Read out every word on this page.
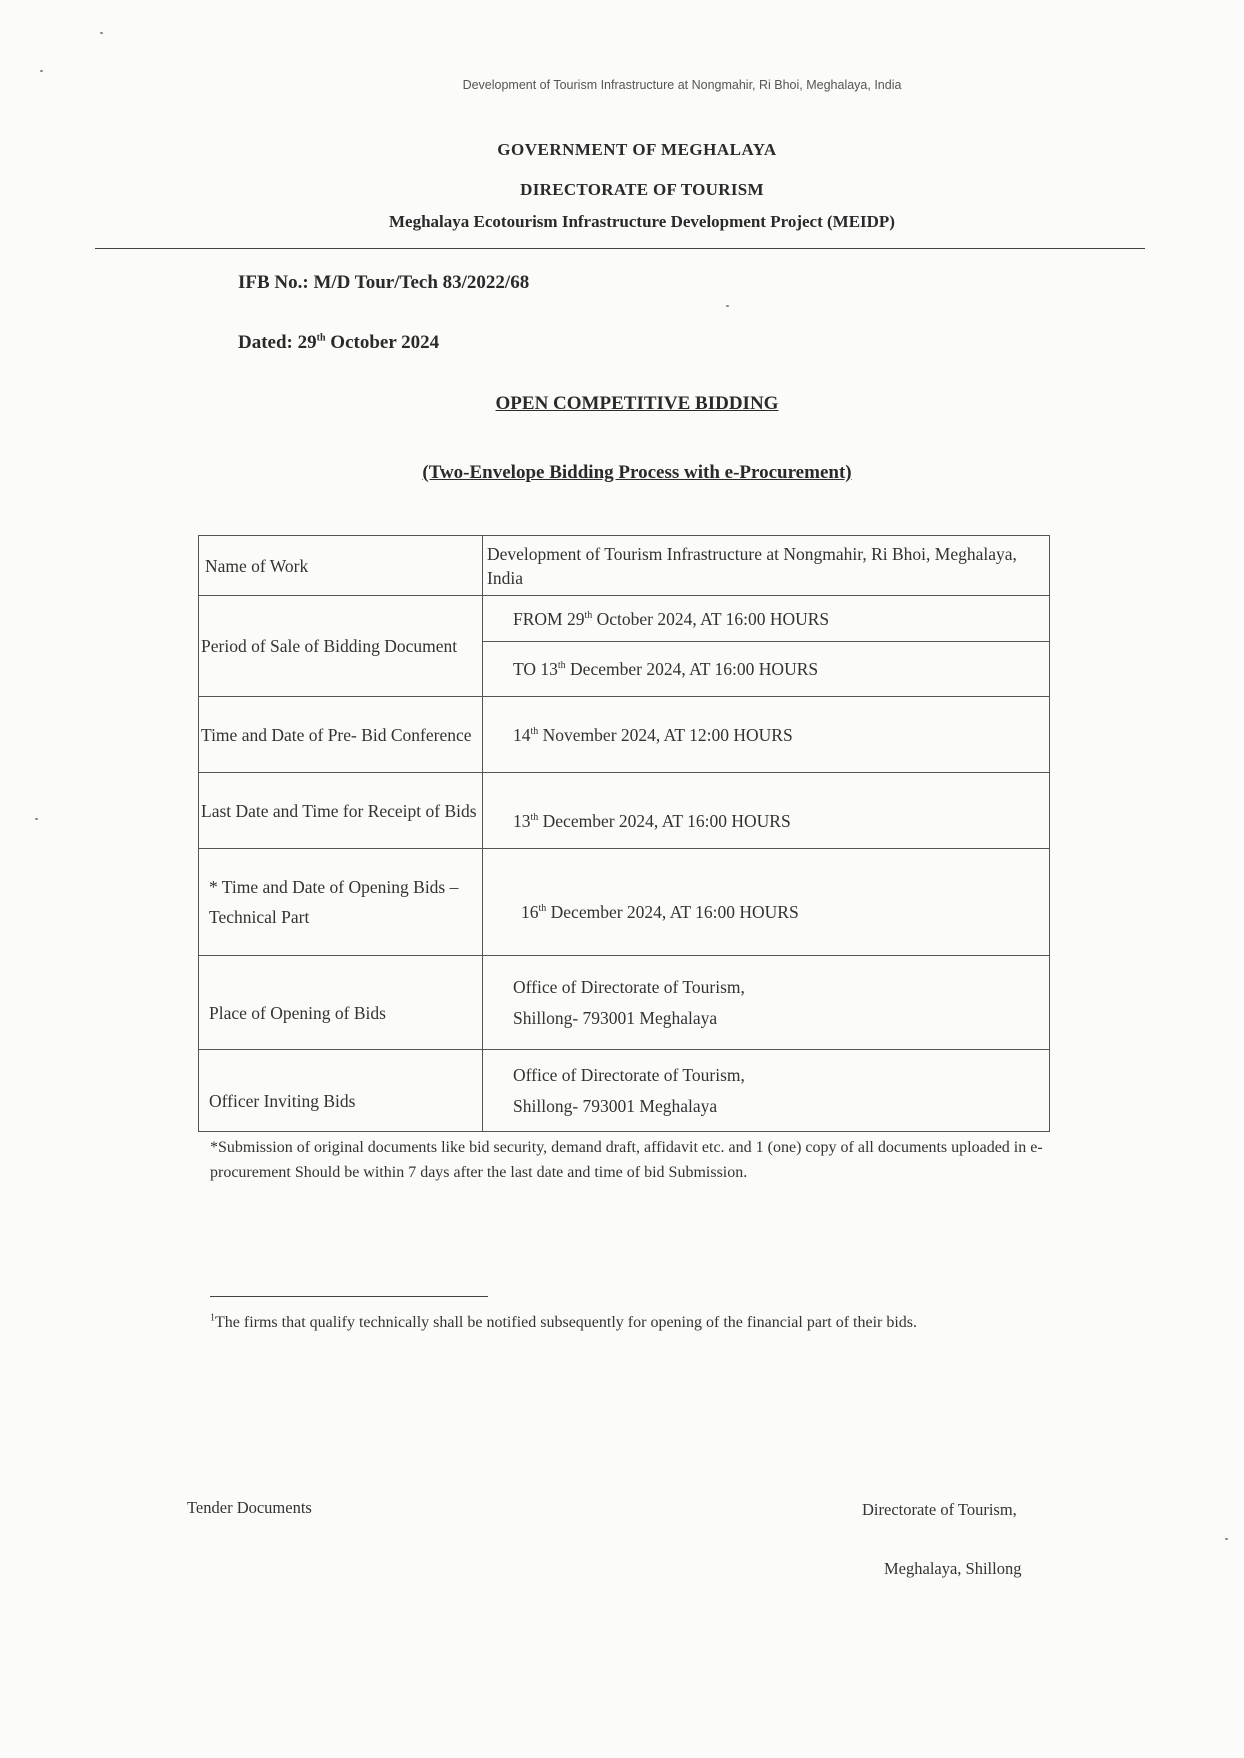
Development of Tourism Infrastructure at Nongmahir, Ri Bhoi, Meghalaya, India
GOVERNMENT OF MEGHALAYA
DIRECTORATE OF TOURISM
Meghalaya Ecotourism Infrastructure Development Project (MEIDP)
IFB No.: M/D Tour/Tech 83/2022/68
Dated: 29th October 2024
OPEN COMPETITIVE BIDDING
(Two-Envelope Bidding Process with e-Procurement)
Name of Work	Development of Tourism Infrastructure at Nongmahir, Ri Bhoi, Meghalaya, India
Period of Sale of Bidding Document	FROM 29th October 2024, AT 16:00 HOURS
	TO 13th December 2024, AT 16:00 HOURS
Time and Date of Pre- Bid Conference	14th November 2024, AT 12:00 HOURS
Last Date and Time for Receipt of Bids	13th December 2024, AT 16:00 HOURS
* Time and Date of Opening Bids – Technical Part	16th December 2024, AT 16:00 HOURS
Place of Opening of Bids	Office of Directorate of Tourism,
Shillong- 793001 Meghalaya

Officer Inviting Bids	Office of Directorate of Tourism,
Shillong- 793001 Meghalaya
*Submission of original documents like bid security, demand draft, affidavit etc. and 1 (one) copy of all documents uploaded in e-procurement Should be within 7 days after the last date and time of bid Submission.
$^1$The firms that qualify technically shall be notified subsequently for opening of the financial part of their bids.
Tender Documents	Directorate of Tourism,
Meghalaya, Shillong
